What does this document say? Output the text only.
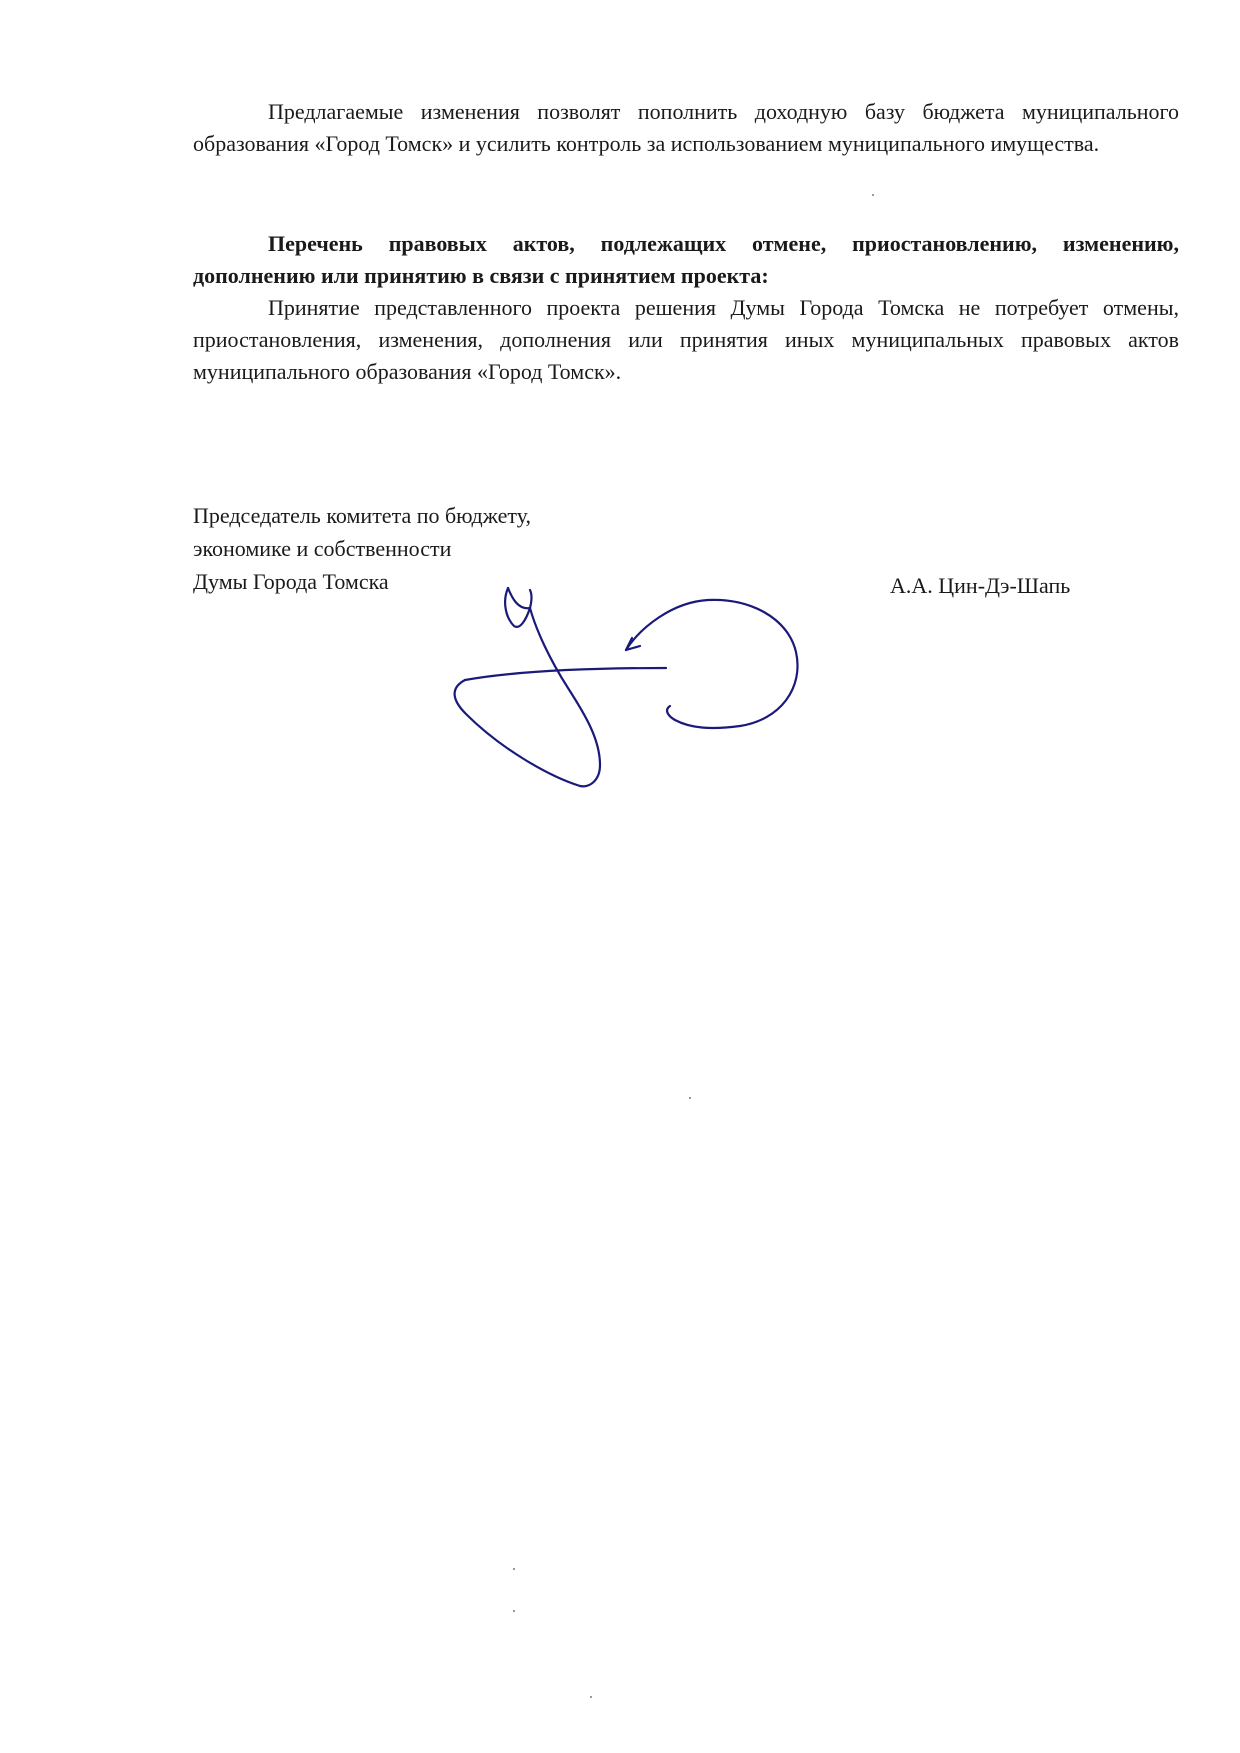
Предлагаемые изменения позволят пополнить доходную базу бюджета муниципального образования «Город Томск» и усилить контроль за использованием муниципального имущества.

Перечень правовых актов, подлежащих отмене, приостановлению, изменению, дополнению или принятию в связи с принятием проекта:

Принятие представленного проекта решения Думы Города Томска не потребует отмены, приостановления, изменения, дополнения или принятия иных муниципальных правовых актов муниципального образования «Город Томск».

Председатель комитета по бюджету,
экономике и собственности
Думы Города Томска	А.А. Цин-Дэ-Шапь
